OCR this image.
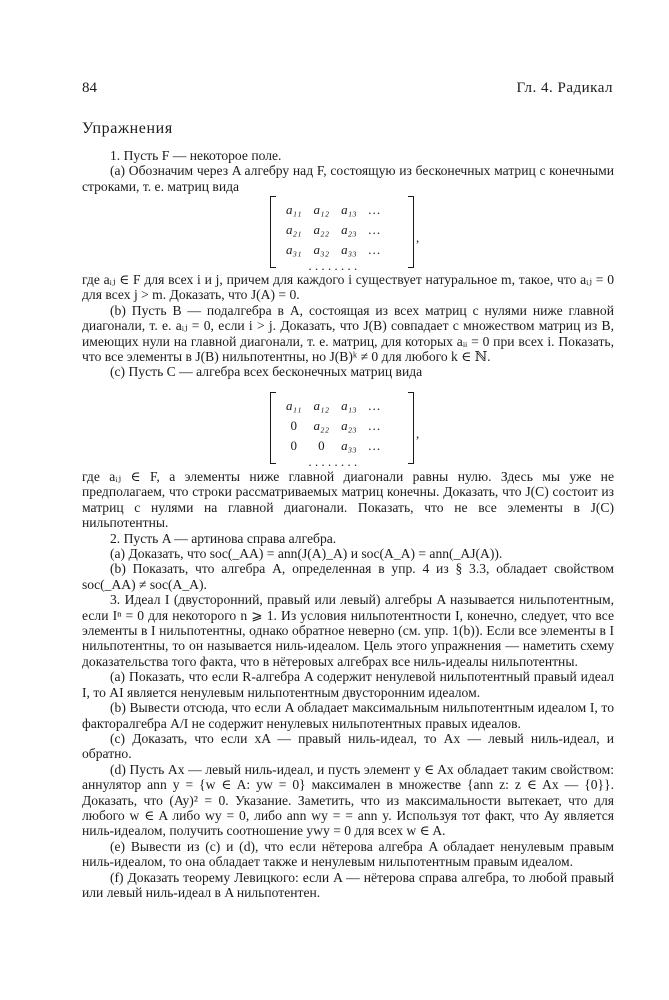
84	Гл. 4. Радикал
Упражнения

1. Пусть F — некоторое поле.

(a) Обозначим через A алгебру над F, состоящую из бесконечных матриц с конечными строками, т. е. матриц вида

a₁₁	a₁₂	a₁₃	…
a₂₁	a₂₂	a₂₃	…
a₃₁	a₃₂	a₃₃	…
. . . . . . . .			
,

где aᵢⱼ ∈ F для всех i и j, причем для каждого i существует натуральное m, такое, что aᵢⱼ = 0 для всех j > m. Доказать, что J(A) = 0.

(b) Пусть B — подалгебра в A, состоящая из всех матриц с нулями ниже главной диагонали, т. е. aᵢⱼ = 0, если i > j. Доказать, что J(B) совпадает с множеством матриц из B, имеющих нули на главной диагонали, т. е. матриц, для которых aᵢᵢ = 0 при всех i. Показать, что все элементы в J(B) нильпотентны, но J(B)ᵏ ≠ 0 для любого k ∈ ℕ.

(c) Пусть C — алгебра всех бесконечных матриц вида

a₁₁	a₁₂	a₁₃	…
0	a₂₂	a₂₃	…
0	0	a₃₃	…
. . . . . . . .			
,

где aᵢⱼ ∈ F, а элементы ниже главной диагонали равны нулю. Здесь мы уже не предполагаем, что строки рассматриваемых матриц конечны. Доказать, что J(C) состоит из матриц с нулями на главной диагонали. Показать, что не все элементы в J(C) нильпотентны.

2. Пусть A — артинова справа алгебра.

(a) Доказать, что soc(_AA) = ann(J(A)_A) и soc(A_A) = ann(_AJ(A)).

(b) Показать, что алгебра A, определенная в упр. 4 из § 3.3, обладает свойством soc(_AA) ≠ soc(A_A).

3. Идеал I (двусторонний, правый или левый) алгебры A называется нильпотентным, если Iⁿ = 0 для некоторого n ⩾ 1. Из условия нильпотентности I, конечно, следует, что все элементы в I нильпотентны, однако обратное неверно (см. упр. 1(b)). Если все элементы в I нильпотентны, то он называется ниль-идеалом. Цель этого упражнения — наметить схему доказательства того факта, что в нётеровых алгебрах все ниль-идеалы нильпотентны.

(a) Показать, что если R-алгебра A содержит ненулевой нильпотентный правый идеал I, то AI является ненулевым нильпотентным двусторонним идеалом.

(b) Вывести отсюда, что если A обладает максимальным нильпотентным идеалом I, то факторалгебра A/I не содержит ненулевых нильпотентных правых идеалов.

(c) Доказать, что если xA — правый ниль-идеал, то Ax — левый ниль-идеал, и обратно.

(d) Пусть Ax — левый ниль-идеал, и пусть элемент y ∈ Ax обладает таким свойством: аннулятор ann y = {w ∈ A: yw = 0} максимален в множестве {ann z: z ∈ Ax — {0}}. Доказать, что (Ay)² = 0. Указание. Заметить, что из максимальности вытекает, что для любого w ∈ A либо wy = 0, либо ann wy = = ann y. Используя тот факт, что Ay является ниль-идеалом, получить соотношение ywy = 0 для всех w ∈ A.

(e) Вывести из (c) и (d), что если нётерова алгебра A обладает ненулевым правым ниль-идеалом, то она обладает также и ненулевым нильпотентным правым идеалом.

(f) Доказать теорему Левицкого: если A — нётерова справа алгебра, то любой правый или левый ниль-идеал в A нильпотентен.
